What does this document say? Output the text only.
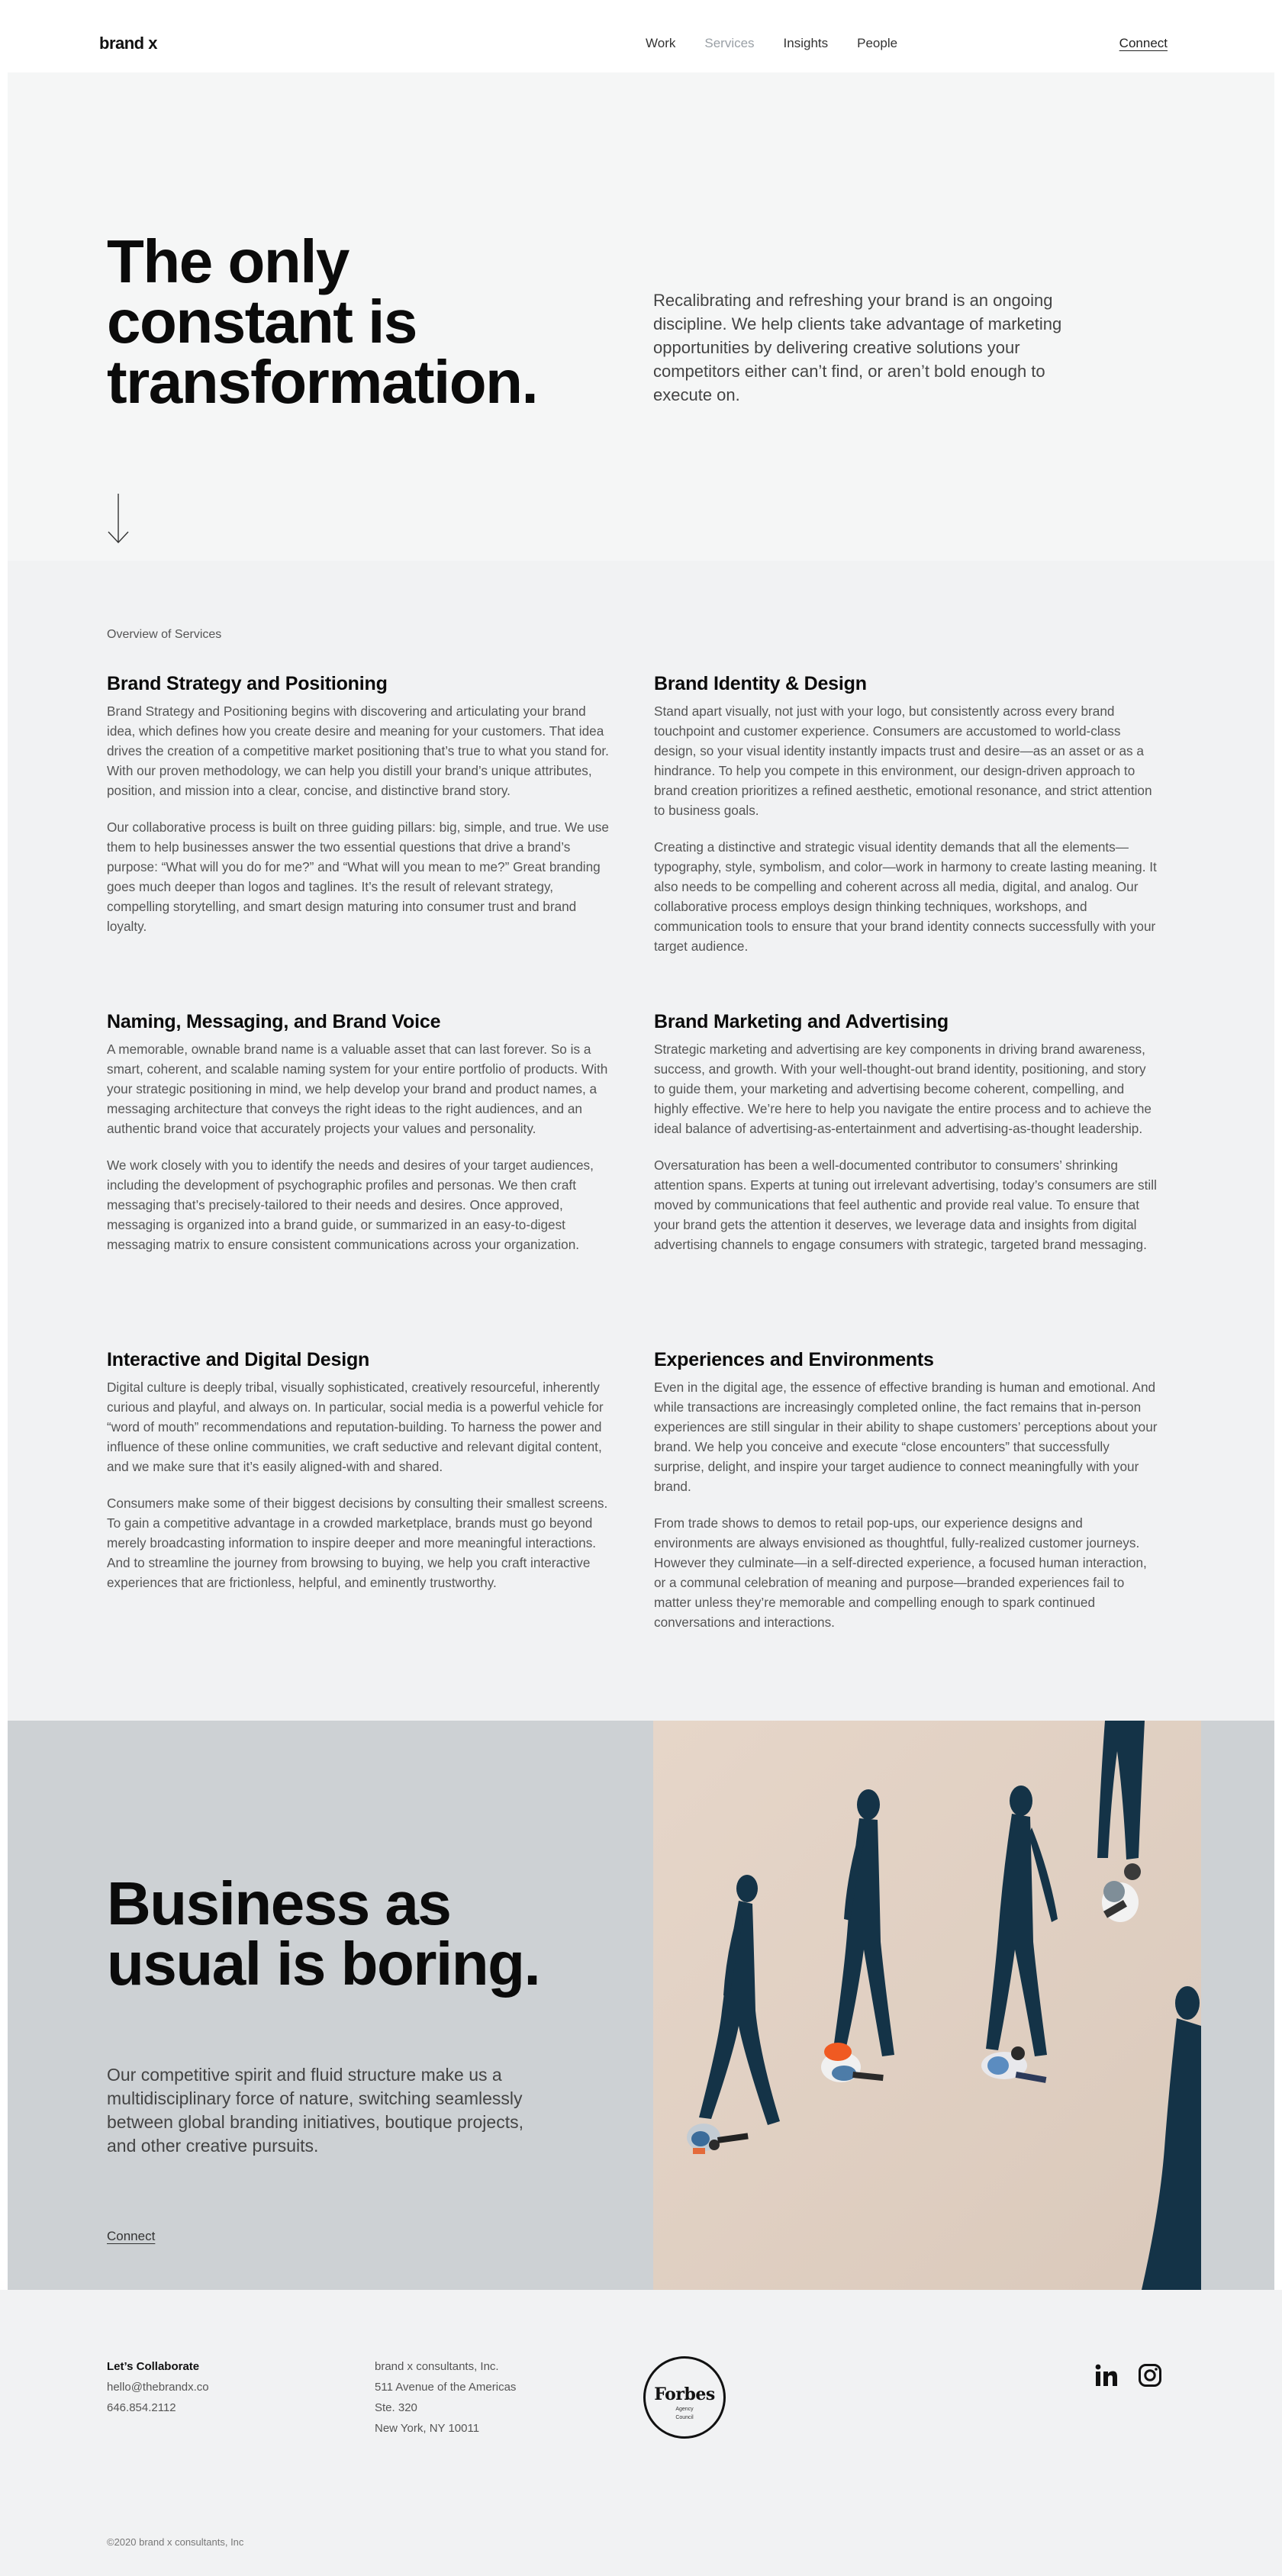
brand x	Work Services Insights People	Connect
The only constant is transformation.

Recalibrating and refreshing your brand is an ongoing discipline. We help clients take advantage of marketing opportunities by delivering creative solutions your competitors either can’t find, or aren’t bold enough to execute on.

Overview of Services
Brand Strategy and Positioning

Brand Strategy and Positioning begins with discovering and articulating your brand idea, which defines how you create desire and meaning for your customers. That idea drives the creation of a competitive market positioning that’s true to what you stand for. With our proven methodology, we can help you distill your brand’s unique attributes, position, and mission into a clear, concise, and distinctive brand story.

Our collaborative process is built on three guiding pillars: big, simple, and true. We use them to help businesses answer the two essential questions that drive a brand’s purpose: “What will you do for me?” and “What will you mean to me?” Great branding goes much deeper than logos and taglines. It’s the result of relevant strategy, compelling storytelling, and smart design maturing into consumer trust and brand loyalty.

Brand Identity & Design

Stand apart visually, not just with your logo, but consistently across every brand touchpoint and customer experience. Consumers are accustomed to world-class design, so your visual identity instantly impacts trust and desire—as an asset or as a hindrance. To help you compete in this environment, our design-driven approach to brand creation prioritizes a refined aesthetic, emotional resonance, and strict attention to business goals.

Creating a distinctive and strategic visual identity demands that all the elements—typography, style, symbolism, and color—work in harmony to create lasting meaning. It also needs to be compelling and coherent across all media, digital, and analog. Our collaborative process employs design thinking techniques, workshops, and communication tools to ensure that your brand identity connects successfully with your target audience.

Naming, Messaging, and Brand Voice

A memorable, ownable brand name is a valuable asset that can last forever. So is a smart, coherent, and scalable naming system for your entire portfolio of products. With your strategic positioning in mind, we help develop your brand and product names, a messaging architecture that conveys the right ideas to the right audiences, and an authentic brand voice that accurately projects your values and personality.

We work closely with you to identify the needs and desires of your target audiences, including the development of psychographic profiles and personas. We then craft messaging that’s precisely-tailored to their needs and desires. Once approved, messaging is organized into a brand guide, or summarized in an easy-to-digest messaging matrix to ensure consistent communications across your organization.

Brand Marketing and Advertising

Strategic marketing and advertising are key components in driving brand awareness, success, and growth. With your well-thought-out brand identity, positioning, and story to guide them, your marketing and advertising become coherent, compelling, and highly effective. We’re here to help you navigate the entire process and to achieve the ideal balance of advertising-as-entertainment and advertising-as-thought leadership.

Oversaturation has been a well-documented contributor to consumers’ shrinking attention spans. Experts at tuning out irrelevant advertising, today’s consumers are still moved by communications that feel authentic and provide real value. To ensure that your brand gets the attention it deserves, we leverage data and insights from digital advertising channels to engage consumers with strategic, targeted brand messaging.

Interactive and Digital Design

Digital culture is deeply tribal, visually sophisticated, creatively resourceful, inherently curious and playful, and always on. In particular, social media is a powerful vehicle for “word of mouth” recommendations and reputation-building. To harness the power and influence of these online communities, we craft seductive and relevant digital content, and we make sure that it’s easily aligned-with and shared.

Consumers make some of their biggest decisions by consulting their smallest screens. To gain a competitive advantage in a crowded marketplace, brands must go beyond merely broadcasting information to inspire deeper and more meaningful interactions. And to streamline the journey from browsing to buying, we help you craft interactive experiences that are frictionless, helpful, and eminently trustworthy.

Experiences and Environments

Even in the digital age, the essence of effective branding is human and emotional. And while transactions are increasingly completed online, the fact remains that in-person experiences are still singular in their ability to shape customers’ perceptions about your brand. We help you conceive and execute “close encounters” that successfully surprise, delight, and inspire your target audience to connect meaningfully with your brand.

From trade shows to demos to retail pop-ups, our experience designs and environments are always envisioned as thoughtful, fully-realized customer journeys. However they culminate—in a self-directed experience, a focused human interaction, or a communal celebration of meaning and purpose—branded experiences fail to matter unless they’re memorable and compelling enough to spark continued conversations and interactions.

Business as usual is boring.

Our competitive spirit and fluid structure make us a multidisciplinary force of nature, switching seamlessly between global branding initiatives, boutique projects, and other creative pursuits.

Connect
Let’s Collaborate
hello@thebrandx.co
646.854.2112
brand x consultants, Inc.
511 Avenue of the Americas
Ste. 320
New York, NY 10011
Forbes
Agency
Council
©2020 brand x consultants, Inc
